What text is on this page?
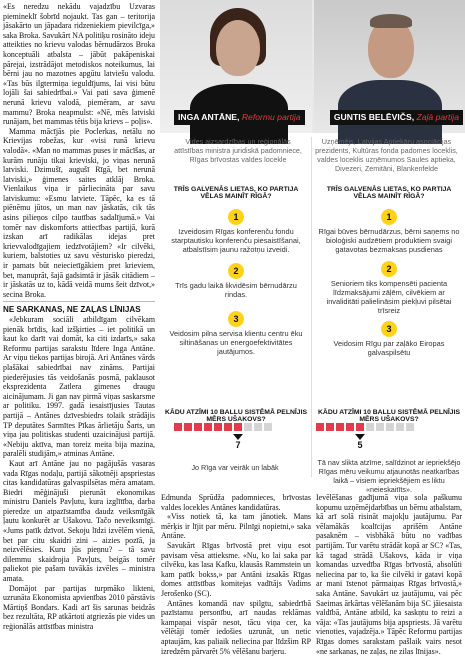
«Es neredzu nekādu vajadzību Uzvaras piemineklī šobrīd nojaukt. Tas gan – teritorija jāsakārto un jāpadara ridzeniekiem pievilcīga,» saka Broka. Savukārt NA politiķu rosināto ideju atteikties no krievu valodas bērnudārzos Broka konceptuāli atbalsta – jābūt pakāpeniskai pārejai, izstrādājot metodiskos noteikumus, lai bērni jau no mazotnes apgūtu latviešu valodu. «Tas būs ilgtermiņa ieguldījums, lai visi būtu lojāli šai sabiedrībai.» Vai pati sava ģimenē nerunā krievu valodā, piemēram, ar savu mammu? Broka neapmulst: «Nē, mēs latviski runājam, bet mammas tētis bija krievs – poļis».

Mamma mācījās pie Poclerkas, netālu no Krievijas robežas, kur «visi runā krievu valodā». «Man no mammas puses ir mācīšas, ar kurām runāju tikai krieviski, jo viņas nerunā latviski. Dzimušī, augušī Rīgā, bet nerunā latviski,» ģimenes saites atklāj Broka. Vienlaikus viņa ir pārliecināta par savu latviskumu: «Esmu latviete. Tāpēc, ka es tā piēnēmu jūtos, un man nav jāskatās, cik tās asins pilieņos cilpo tautības sadalījumā.» Vai tomēr nav diskomforts attiecības partijā, kurā izskan arī radikālas idejas pret krievvalodīgajiem iedzīvotājiem? «Ir cilvēki, kuriem, balstoties uz savu vēsturisko pieredzi, ir pamats būt neiecietīgākiem pret krieviem, bet, manuprāt, šajā gadsimtā ir jāsāk citādiem – ir jāskatās uz to, kādā veidā mums šeit dzīvot,» secina Broka.

NE SARKANAS, NE ZAĻAS LĪNIJAS

«Jebkuram sociāli atbildīgam cilvēkam pienāk brīdis, kad izšķirties – iet politikā un kaut ko darīt vai domāt, ka citi izdarīs,» saka Reformu partijas sarakstu līdere Inga Antāne. Ar viņu tiekos partijas birojā. Ari Antānes vārds plašākai sabiedrībai nav zināms. Partijai piederējusies tās veidošanās posmā, paklausot eksprezidenta Zatlera gimenes draugu aicinājumam. Ji gan nav pirmā viņas saskarsme ar politiku. 1997. gadā iesaistījusies Tautas partijā – Antānes dzīvesbiedrs tolaik strādājis TP deputātes Sarmītes Pīkas ārlietāju Šarts, un viņa jau politiskas studenti uzaicinājusi partijā. «Nebiju aktīva, man toreiz meita bija mazina, paralēli studijām,» atminas Antāne.

Kaut arī Antāne jau no pagājušās vasaras vada Rīgas nodaļu, partijā sākotnēji apspriestas citas kandidatūras galvaspilsētas mēra amatam. Biedri mēģinājuši pierunāt ekonomikas ministru Daniels Pavļutu, kura izglītība, darba pieredze un atpazīstamība daudz veiksmīgāk ļautu konkurēt ar Ušakovu. Tačo neveiksmīgi. «Jums patīk dzīvot. Sekoju līdzi izvēlēm vienā, bet par citu skaidri zini – aizies pozīā, ja neizvēlēsies. Kuru jūs pieņnu? – tā savu dilemmu skaidrojia Pavļuts, beigās tomēr paliekot pie pašam tuvākās izvēles – ministra amata.

Domājot par partijas turpmāko likteni, uzrunāta Ekonomista apvienības 2010 pārstāvis Mārtiņš Bondars. Kadi arī šis sarunas beidzās bez rezultāta, RP atkārtoti atgriezās pie vides un reģionālās attīstības ministra

INGA ANTĀNE, Reformu partija	GUNTIS BELĒVIČS, Zaļā partija
Vides aizsardzības un reģionālās attīstības ministra juridiskā padomniece, Rīgas brīvostas valdes locekle
Uzņēmējs, Latvijas Aptiekāru asociācijas prezidents, Kultūras fonda padomes loceklis, valdes loceklis uzņēmumos Saules aptieka, Divezeri, Zemitāni, Blankenfelde
TRĪS GALVENĀS LIETAS, KO PARTIJA VĒLAS MAINĪT RĪGĀ?
1
Izveidosim Rīgas konferenču fondu starptautisku konferenču piesaistīšanai, atbalstīsim jaunu ražotņu izveidi.
2
Trīs gadu laikā likvidēsim bērnudārzu rindas.
3
Veidosim pilna servisa klientu centru ēku siltināšanas un energoefektivitātes jautājumos.
TRĪS GALVENĀS LIETAS, KO PARTIJA VĒLAS MAINĪT RĪGĀ?
1
Rīgai būves bērnudārzus, bērni saņems no bioloģiski audzētiem produktiem svaigi gatavotas bezmaksas pusdienas
2
Senioriem tiks kompensēti pacienta līdzmaksājumi zāļēm, cilvēkiem ar invaliditāti palielināsim piekļuvi pilsētai trīsreiz
3
Veidosim Rīgu par zaļāko Eiropas galvaspilsētu
KĀDU ATZĪMI 10 BALLU SISTĒMĀ PELNĪJIS MĒRS UŠAKOVS?
KĀDU ATZĪMI 10 BALLU SISTĒMĀ PELNĪJIS MĒRS UŠAKOVS?
7	5
Jo Rīga var veirāk un labāk
Tā nav slikta atzīme, salīdzinot ar iepriekšējo Rīgas mēru veikumu atjaunotās neatkarības laikā – visiem iepriekšējiem es liktu «neieskaitīts».

Edmunda Sprūdža padomnieces, brīvostas valdes locekles Antānes kandidatūras.

«Viss notiek tā, ka tam jānotiek. Mans mērķis ir lījit par mēru. Pilnīgi nopietni,» saka Antāne.

Savukārt Rīgas brīvostā pret viņu esot pavisam vēsa attieksme. «Nu, ko lai saka par cilvēku, kas lasa Kafku, klausās Rammstein un kam patīk bokss,» par Antāni izsakās Rīgas domes attīstības komitejas vadītājs Vadims Jerošenko (SC).

Antānes komandā nav spilgtu, sabiedrībā pazīstamu personību, arī naudas reklāmas kampaņai vispār nesot, tācu viņa cer, ka vēlētāji tomēr iedošies uzrunāt, un netic aptaujām, kas paliaik neliecina par līdzšim RP izredzēm pārvarēt 5% vēlēšanu barjeru.

Ievēlēšanas gadījumā viņa sola paškumu kopumu uzņēmējdarbības un bērnu atbalstam, kā arī solā risināt majokļu jautājumu. Par vēlamākās koalīcijas aprišēm Antāne pasaknēm – visbhākā būtu no vadības partijām. Tur varētu strādāt kopā ar SC? «Tas, kā tagad strādā Ušakovs, kāda ir viņa komandas uzvedība Rīgas brīvostā, absolūti neliecina par to, ka šie cilvēki ir gatavi kopā ar mani īstenot pārmaiņas Rīgas brīvostā,» saka Antāne. Savukārt uz jautājumu, vai pēc Saeimas ārkārtas vēlēšanām bija SC jāiesaista valdībā, Antāne atbild, ka saskņtu to reizi a vāja: «Tas jautājums bija apspriests. Jā varētu vienoties, vajadzēja.» Tāpēc Reformu partijas Rīgas domes sarakstam pašlaik vairs nesot «ne sarkanas, ne zaļas, ne zilas līnijas».
